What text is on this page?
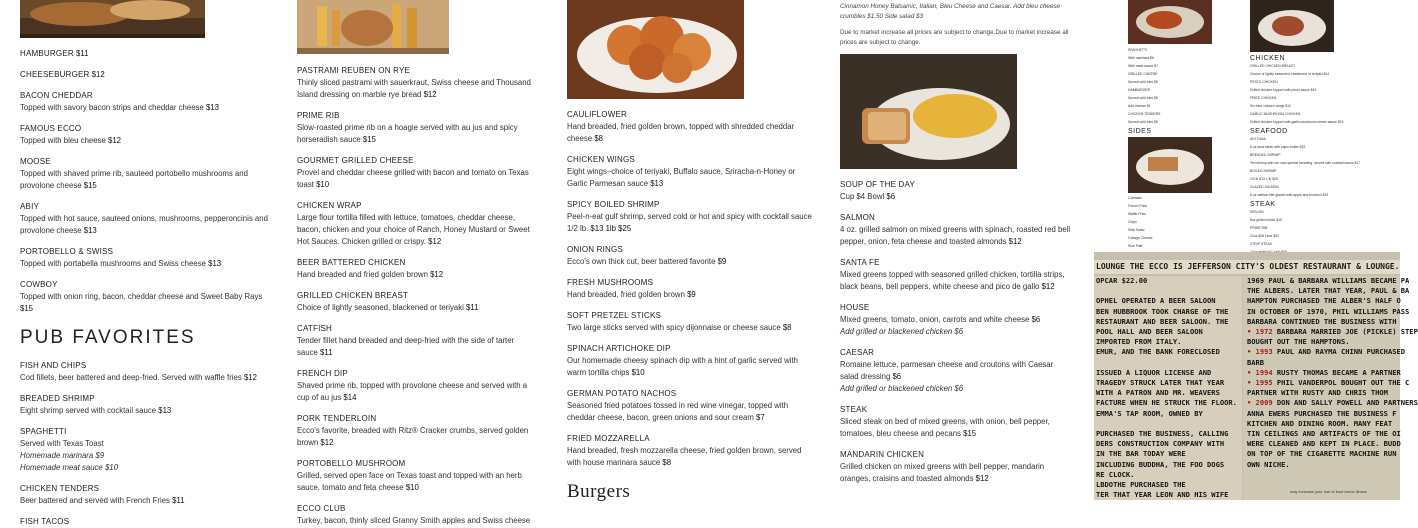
HAMBURGER $11
CHEESEBURGER $12
BACON CHEDDAR
Topped with savory bacon strips and cheddar cheese $13
FAMOUS ECCO
Topped with bleu cheese $12
MOOSE
Topped with shaved prime rib, sauteed portobello mushrooms and provolone cheese $15
ABIY
Topped with hot sauce, sauteed onions, mushrooms, pepperoncinis and provolone cheese $13
PORTOBELLO & SWISS
Topped with portabella mushrooms and Swiss cheese $13
COWBOY
Topped with onion ring, bacon, cheddar cheese and Sweet Baby Rays $15
PUB FAVORITES
FISH AND CHIPS
Cod fillets, beer battered and deep-fried. Served with waffle fries $12
BREADED SHRIMP
Eight shrimp served with cocktail sauce $13
SPAGHETTI
Served with Texas Toast
Homemade marinara $9
Homemade meat sauce $10
CHICKEN TENDERS
Beer battered and served with French Fries $11
FISH TACOS
PASTRAMI REUBEN ON RYE
Thinly sliced pastrami with sauerkraut, Swiss cheese and Thousand Island dressing on marble rye bread $12
PRIME RIB
Slow-roasted prime rib on a hoagie served with au jus and spicy horseradish sauce $15
GOURMET GRILLED CHEESE
Provel and cheddar cheese grilled with bacon and tomato on Texas toast $10
CHICKEN WRAP
Large flour tortilla filled with lettuce, tomatoes, cheddar cheese, bacon, chicken and your choice of Ranch, Honey Mustard or Sweet Hot Sauces. Chicken grilled or crispy. $12
BEER BATTERED CHICKEN
Hand breaded and fried golden brown $12
GRILLED CHICKEN BREAST
Choice of lightly seasoned, blackened or teriyaki $11
CATFISH
Tender fillet hand breaded and deep-fried with the side of tarter sauce $11
FRENCH DIP
Shaved prime rib, topped with provolone cheese and served with a cup of au jus $14
PORK TENDERLOIN
Ecco's favorite, breaded with Ritz® Cracker crumbs, served golden brown $12
PORTOBELLO MUSHROOM
Grilled, served open face on Texas toast and topped with an herb sauce, tomato and feta cheese $10
ECCO CLUB
Turkey, bacon, thinly sliced Granny Smith apples and Swiss cheese
CAULIFLOWER
Hand breaded, fried golden brown, topped with shredded cheddar cheese $8
CHICKEN WINGS
Eight wings–choice of teriyaki, Buffalo sauce, Sriracha-n-Honey or Garlic Parmesan sauce $13
SPICY BOILED SHRIMP
Peel-n-eat gulf shrimp, served cold or hot and spicy with cocktail sauce 1/2 lb. $13 1lb $25
ONION RINGS
Ecco's own thick cut, beer battered favorite $9
FRESH MUSHROOMS
Hand breaded, fried golden brown $9
SOFT PRETZEL STICKS
Two large sticks served with spicy dijonnaise or cheese sauce $8
SPINACH ARTICHOKE DIP
Our homemade cheesy spinach dip with a hint of garlic served with warm tortilla chips $10
GERMAN POTATO NACHOS
Seasoned fried potatoes tossed in red wine vinegar, topped with cheddar cheese, bacon, green onions and sour cream $7
FRIED MOZZARELLA
Hand breaded, fresh mozzarella cheese, fried golden brown, served with house marinara sauce $8
Burgers
Cinnamon Honey Balsamic, Italian, Bleu Cheese and Caesar. Add bleu cheese crumbles $1.50 Side salad $3
Due to market increase all prices are subject to change.Due to market increase all prices are subject to change.
SOUP OF THE DAY
Cup $4 Bowl $6
SALMON
4 oz. grilled salmon on mixed greens with spinach, roasted red bell pepper, onion, feta cheese and toasted almonds $12
SANTA FE
Mixed greens topped with seasoned grilled chicken, tortilla strips, black beans, bell peppers, white cheese and pico de gallo $12
HOUSE
Mixed greens, tomato, onion, carrots and white cheese $6
Add grilled or blackened chicken $6
CAESAR
Romaine lettuce, parmesan cheese and croutons with Caesar salad dressing $6
Add grilled or blackened chicken $6
STEAK
Sliced steak on bed of mixed greens, with onion, bell pepper, tomatoes, bleu cheese and pecans $15
MANDARIN CHICKEN
Grilled chicken on mixed greens with bell pepper, mandarin oranges, craisins and toasted almonds $12
SPAGHETTI
With marinara $6
With meat sauce $7
GRILLED CHEESE
Served with fries $6
HAMBURGER
Served with fries $6
Add cheese $1
CHICKEN TENDERS
Served with fries $6
SIDES
Coleslaw
French Fries
Waffle Fries
Chips
Side Salad
Cottage Cheese
Rice Pilaf
CHICKEN
GRILLED CHICKEN BREAST
Choice of lightly seasoned, blackened or teriyaki $14
PESTO CHICKEN
Grilled chicken topped with pesto sauce $15
FRIED CHICKEN
Six fried chicken wings $12
GARLIC MUSHROOM CHICKEN
Grilled chicken topped with garlic mushroom cream sauce $15
SEAFOOD
AHI TUNA
8 oz tuna steak with cajun butter $19
BREADED SHRIMP
Ten shrimp with our own special breading, served with cocktail sauce $17
BOILED SHRIMP
1/2 lb $13 1 lb $25
GLAZED SALMON
8 oz salmon filet glazed with apple and bourbon $19
STEAK
SIRLOIN
8oz grilled sirloin $19
PRIME RIB
12oz $28 16oz $32
STRIP STEAK
LOUNGE THE ECCO IS JEFFERSON CITY'S OLDEST RESTAURANT & LOUNGE.
OPCAR $22.00
OPHEL OPERATED A BEER SALOON
BEN HUBBROOK TOOK CHARGE OF THE
RESTAURANT AND BEER SALOON. THE
POOL HALL AND BEER SALOON
IMPORTED FROM ITALY.
EMUR, AND THE BANK FORECLOSED
ISSUED A LIQUOR LICENSE AND
TRAGEDY STRUCK LATER THAT YEAR
WITH A PATRON AND MR. WEAVERS
FACTURE WHEN HE STRUCK THE FLOOR.
EMMA'S TAP ROOM, OWNED BY
PURCHASED THE BUSINESS, CALLING
DERS CONSTRUCTION COMPANY WITH
IN THE BAR TODAY WERE
INCLUDING BUDDHA, THE FOO DOGS
RE CLOCK.
LBDOTHE PURCHASED THE
TER THAT YEAR LEON AND HIS WIFE
1969 PAUL & BARBARA WILLIAMS BECAME PA
THE ALBERS. LATER THAT YEAR, PAUL & BA
HAMPTON PURCHASED THE ALBER'S HALF O
IN OCTOBER OF 1970, PHIL WILLIAMS PASS
BARBARA CONTINUED THE BUSINESS WITH
• 1972 BARBARA MARRIED JOE (PICKLE) STEP
BOUGHT OUT THE HAMPTONS.
• 1993 PAUL AND RAYMA CHINN PURCHASED
BARB
• 1994 RUSTY THOMAS BECAME A PARTNER
• 1995 PHIL VANDERPOL BOUGHT OUT THE C
PARTNER WITH RUSTY AND CHRIS THOM
• 2009 DON AND SALLY POWELL AND PARTNERS
ANNA EWERS PURCHASED THE BUSINESS F
KITCHEN AND DINING ROOM. MANY FEAT
TIN CEILINGS AND ARTIFACTS OF THE OI
WERE CLEANED AND KEPT IN PLACE. BUDD
ON TOP OF THE CIGARETTE MACHINE RUN
OWN NICHE.
may increase your risk of food borne illness
